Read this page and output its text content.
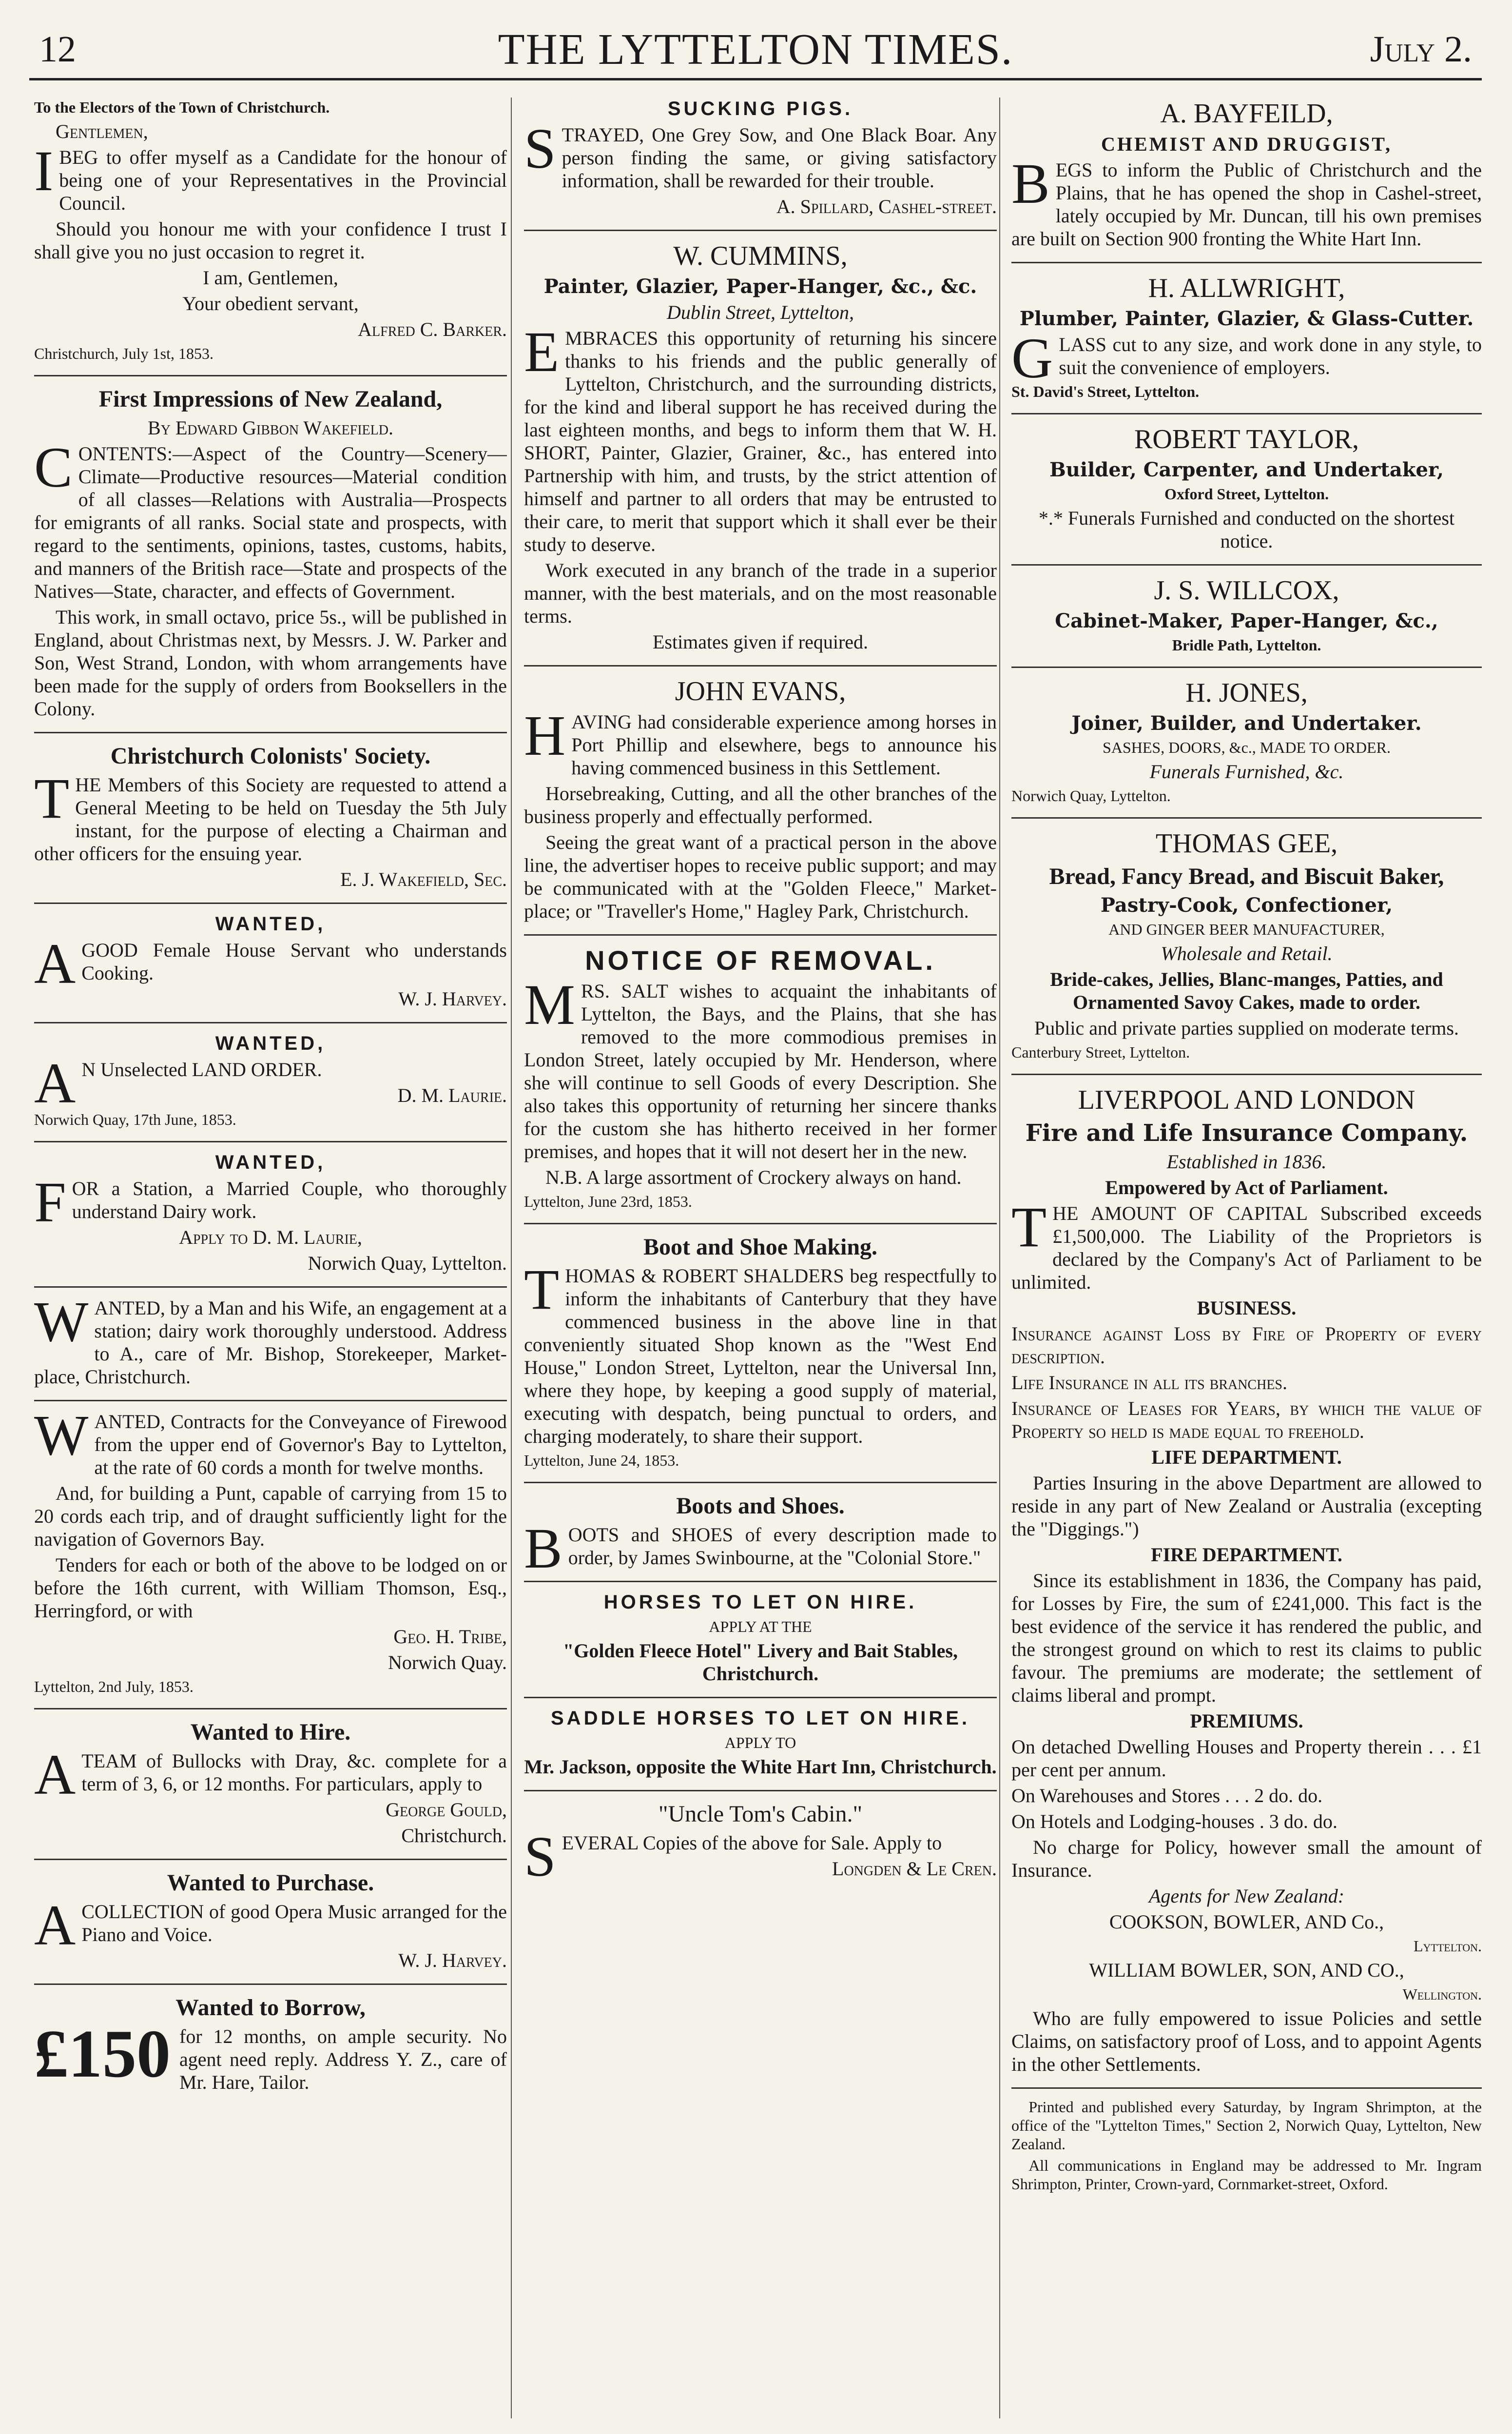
12	THE LYTTELTON TIMES.	July 2.
To the Electors of the Town of Christchurch.
Gentlemen,
I BEG to offer myself as a Candidate for the honour of being one of your Representatives in the Provincial Council.
Should you honour me with your confidence I trust I shall give you no just occasion to regret it.
I am, Gentlemen,
Your obedient servant,
Alfred C. Barker.
Christchurch, July 1st, 1853.
First Impressions of New Zealand,
By Edward Gibbon Wakefield.
CONTENTS:—Aspect of the Country—Scenery—Climate—Productive resources—Material condition of all classes—Relations with Australia—Prospects for emigrants of all ranks. Social state and prospects, with regard to the sentiments, opinions, tastes, customs, habits, and manners of the British race—State and prospects of the Natives—State, character, and effects of Government.
This work, in small octavo, price 5s., will be published in England, about Christmas next, by Messrs. J. W. Parker and Son, West Strand, London, with whom arrangements have been made for the supply of orders from Booksellers in the Colony.
Christchurch Colonists' Society.
THE Members of this Society are requested to attend a General Meeting to be held on Tuesday the 5th July instant, for the purpose of electing a Chairman and other officers for the ensuing year.
E. J. Wakefield, Sec.
WANTED,
A GOOD Female House Servant who understands Cooking.
W. J. Harvey.
WANTED,
A N Unselected LAND ORDER.
D. M. Laurie.
Norwich Quay, 17th June, 1853.
WANTED,
FOR a Station, a Married Couple, who thoroughly understand Dairy work.
Apply to D. M. Laurie,
Norwich Quay, Lyttelton.
WANTED, by a Man and his Wife, an engagement at a station; dairy work thoroughly understood. Address to A., care of Mr. Bishop, Storekeeper, Market-place, Christchurch.
WANTED, Contracts for the Conveyance of Firewood from the upper end of Governor's Bay to Lyttelton, at the rate of 60 cords a month for twelve months.
And, for building a Punt, capable of carrying from 15 to 20 cords each trip, and of draught sufficiently light for the navigation of Governors Bay.
Tenders for each or both of the above to be lodged on or before the 16th current, with William Thomson, Esq., Herringford, or with
Geo. H. Tribe,
Norwich Quay.
Lyttelton, 2nd July, 1853.
Wanted to Hire.
A TEAM of Bullocks with Dray, &c. complete for a term of 3, 6, or 12 months. For particulars, apply to
George Gould,
Christchurch.
Wanted to Purchase.
A COLLECTION of good Opera Music arranged for the Piano and Voice.
W. J. Harvey.
Wanted to Borrow,
£150 for 12 months, on ample security. No agent need reply. Address Y. Z., care of Mr. Hare, Tailor.
SUCKING PIGS.
STRAYED, One Grey Sow, and One Black Boar. Any person finding the same, or giving satisfactory information, shall be rewarded for their trouble.
A. Spillard, Cashel-street.
W. CUMMINS,
Painter, Glazier, Paper-Hanger, &c., &c.
Dublin Street, Lyttelton,
EMBRACES this opportunity of returning his sincere thanks to his friends and the public generally of Lyttelton, Christchurch, and the surrounding districts, for the kind and liberal support he has received during the last eighteen months, and begs to inform them that W. H. SHORT, Painter, Glazier, Grainer, &c., has entered into Partnership with him, and trusts, by the strict attention of himself and partner to all orders that may be entrusted to their care, to merit that support which it shall ever be their study to deserve.
Work executed in any branch of the trade in a superior manner, with the best materials, and on the most reasonable terms.
Estimates given if required.
JOHN EVANS,
HAVING had considerable experience among horses in Port Phillip and elsewhere, begs to announce his having commenced business in this Settlement.
Horsebreaking, Cutting, and all the other branches of the business properly and effectually performed.
Seeing the great want of a practical person in the above line, the advertiser hopes to receive public support; and may be communicated with at the "Golden Fleece," Market-place; or "Traveller's Home," Hagley Park, Christchurch.
NOTICE OF REMOVAL.
MRS. SALT wishes to acquaint the inhabitants of Lyttelton, the Bays, and the Plains, that she has removed to the more commodious premises in London Street, lately occupied by Mr. Henderson, where she will continue to sell Goods of every Description. She also takes this opportunity of returning her sincere thanks for the custom she has hitherto received in her former premises, and hopes that it will not desert her in the new.
N.B. A large assortment of Crockery always on hand.
Lyttelton, June 23rd, 1853.
Boot and Shoe Making.
THOMAS & ROBERT SHALDERS beg respectfully to inform the inhabitants of Canterbury that they have commenced business in the above line in that conveniently situated Shop known as the "West End House," London Street, Lyttelton, near the Universal Inn, where they hope, by keeping a good supply of material, executing with despatch, being punctual to orders, and charging moderately, to share their support.
Lyttelton, June 24, 1853.
Boots and Shoes.
BOOTS and SHOES of every description made to order, by James Swinbourne, at the "Colonial Store."
HORSES TO LET ON HIRE.
APPLY AT THE
"Golden Fleece Hotel" Livery and Bait Stables, Christchurch.
SADDLE HORSES TO LET ON HIRE.
APPLY TO
Mr. Jackson, opposite the White Hart Inn, Christchurch.
"Uncle Tom's Cabin."
SEVERAL Copies of the above for Sale. Apply to
Longden & Le Cren.
A. BAYFEILD,
CHEMIST AND DRUGGIST,
BEGS to inform the Public of Christchurch and the Plains, that he has opened the shop in Cashel-street, lately occupied by Mr. Duncan, till his own premises are built on Section 900 fronting the White Hart Inn.
H. ALLWRIGHT,
Plumber, Painter, Glazier, & Glass-Cutter.
GLASS cut to any size, and work done in any style, to suit the convenience of employers.
St. David's Street, Lyttelton.
ROBERT TAYLOR,
Builder, Carpenter, and Undertaker,
Oxford Street, Lyttelton.
*.* Funerals Furnished and conducted on the shortest notice.
J. S. WILLCOX,
Cabinet-Maker, Paper-Hanger, &c.,
Bridle Path, Lyttelton.
H. JONES,
Joiner, Builder, and Undertaker.
SASHES, DOORS, &c., MADE TO ORDER.
Funerals Furnished, &c.
Norwich Quay, Lyttelton.
THOMAS GEE,
Bread, Fancy Bread, and Biscuit Baker,
Pastry-Cook, Confectioner,
AND GINGER BEER MANUFACTURER,
Wholesale and Retail.
Bride-cakes, Jellies, Blanc-manges, Patties, and Ornamented Savoy Cakes, made to order.
Public and private parties supplied on moderate terms.
Canterbury Street, Lyttelton.
LIVERPOOL AND LONDON
Fire and Life Insurance Company.
Established in 1836.
Empowered by Act of Parliament.
THE AMOUNT OF CAPITAL Subscribed exceeds £1,500,000. The Liability of the Proprietors is declared by the Company's Act of Parliament to be unlimited.
BUSINESS.
Insurance against Loss by Fire of Property of every description.
Life Insurance in all its branches.
Insurance of Leases for Years, by which the value of Property so held is made equal to freehold.
LIFE DEPARTMENT.
Parties Insuring in the above Department are allowed to reside in any part of New Zealand or Australia (excepting the "Diggings.")
FIRE DEPARTMENT.
Since its establishment in 1836, the Company has paid, for Losses by Fire, the sum of £241,000. This fact is the best evidence of the service it has rendered the public, and the strongest ground on which to rest its claims to public favour. The premiums are moderate; the settlement of claims liberal and prompt.
PREMIUMS.
On detached Dwelling Houses and Property therein . . . £1 per cent per annum.
On Warehouses and Stores . . . 2 do. do.
On Hotels and Lodging-houses . 3 do. do.
No charge for Policy, however small the amount of Insurance.
Agents for New Zealand:
COOKSON, BOWLER, AND Co.,
Lyttelton.
WILLIAM BOWLER, SON, AND CO.,
Wellington.
Who are fully empowered to issue Policies and settle Claims, on satisfactory proof of Loss, and to appoint Agents in the other Settlements.
Printed and published every Saturday, by Ingram Shrimpton, at the office of the "Lyttelton Times," Section 2, Norwich Quay, Lyttelton, New Zealand.
All communications in England may be addressed to Mr. Ingram Shrimpton, Printer, Crown-yard, Cornmarket-street, Oxford.
